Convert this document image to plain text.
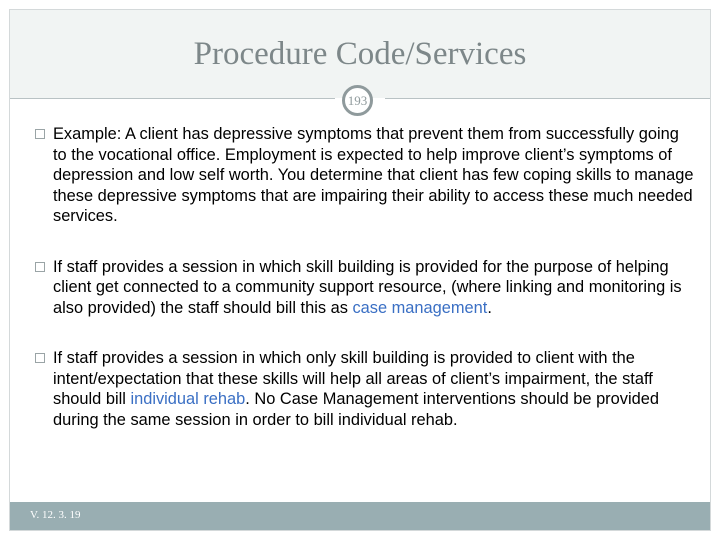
Procedure Code/Services
193
Example: A client has depressive symptoms that prevent them from successfully going to the vocational office. Employment is expected to help improve client’s symptoms of depression and low self worth. You determine that client has few coping skills to manage these depressive symptoms that are impairing their ability to access these much needed services.
If staff provides a session in which skill building is provided for the purpose of helping client get connected to a community support resource, (where linking and monitoring is also provided) the staff should bill this as case management.
If staff provides a session in which only skill building is provided to client with the intent/expectation that these skills will help all areas of client’s impairment, the staff should bill individual rehab. No Case Management interventions should be provided during the same session in order to bill individual rehab.
V. 12. 3. 19
